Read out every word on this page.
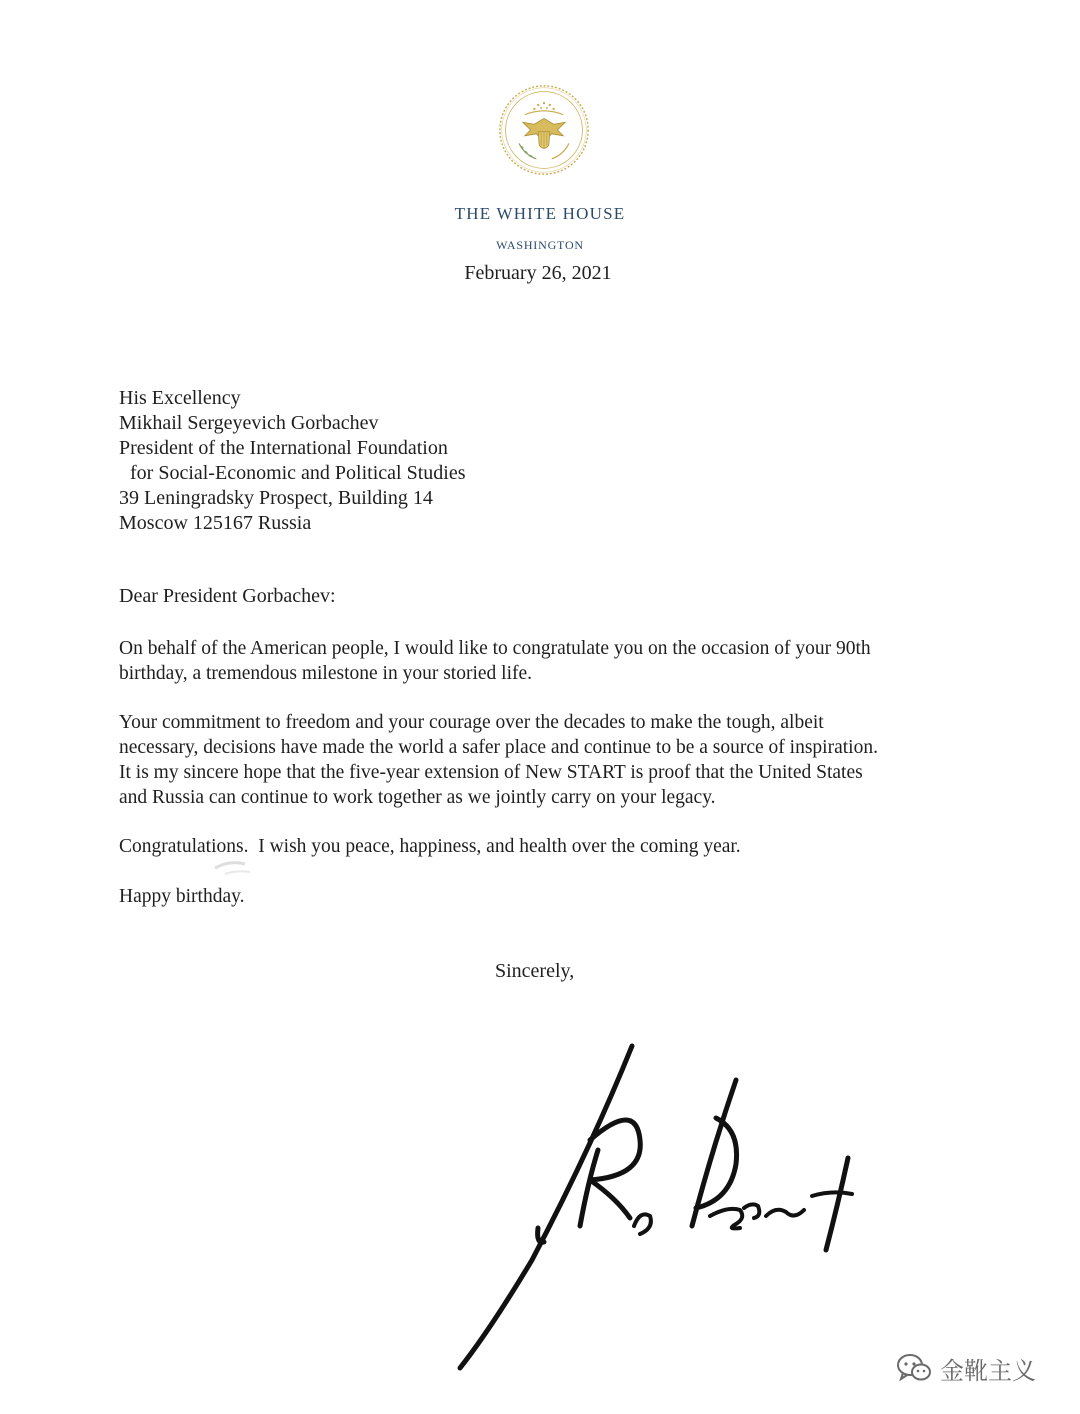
THE WHITE HOUSE
WASHINGTON
February 26, 2021
His Excellency
Mikhail Sergeyevich Gorbachev
President of the International Foundation
for Social-Economic and Political Studies
39 Leningradsky Prospect, Building 14
Moscow 125167 Russia
Dear President Gorbachev:
On behalf of the American people, I would like to congratulate you on the occasion of your 90th
birthday, a tremendous milestone in your storied life.
Your commitment to freedom and your courage over the decades to make the tough, albeit
necessary, decisions have made the world a safer place and continue to be a source of inspiration.
It is my sincere hope that the five-year extension of New START is proof that the United States
and Russia can continue to work together as we jointly carry on your legacy.
Congratulations.  I wish you peace, happiness, and health over the coming year.
Happy birthday.
Sincerely,
金靴主义
